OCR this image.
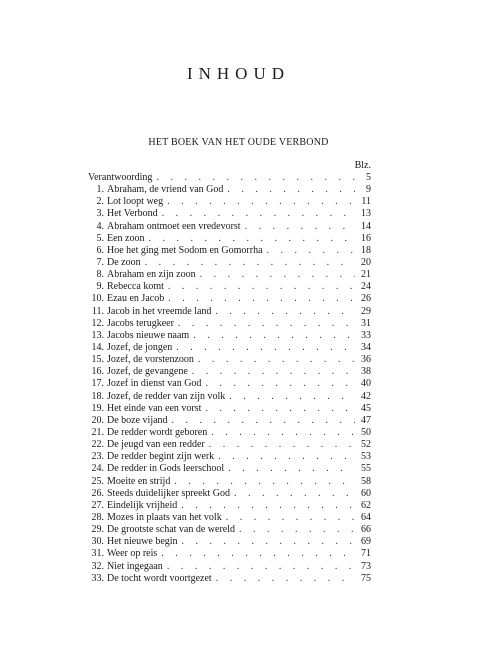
INHOUD
HET BOEK VAN HET OUDE VERBOND
Blz.
Verantwoording . . .	5
1. Abraham, de vriend van God . . .	9
2. Lot loopt weg . . .	11
3. Het Verbond . . .	13
4. Abraham ontmoet een vredevorst . . .	14
5. Een zoon . . .	16
6. Hoe het ging met Sodom en Gomorrha . . .	18
7. De zoon . . .	20
8. Abraham en zijn zoon . . .	21
9. Rebecca komt . . .	24
10. Ezau en Jacob . . .	26
11. Jacob in het vreemde land . . .	29
12. Jacobs terugkeer . . .	31
13. Jacobs nieuwe naam . . .	33
14. Jozef, de jongen . . .	34
15. Jozef, de vorstenzoon . . .	36
16. Jozef, de gevangene . . .	38
17. Jozef in dienst van God . . .	40
18. Jozef, de redder van zijn volk . . .	42
19. Het einde van een vorst . . .	45
20. De boze vijand . . .	47
21. De redder wordt geboren . . .	50
22. De jeugd van een redder . . .	52
23. De redder begint zijn werk . . .	53
24. De redder in Gods leerschool . . .	55
25. Moeite en strijd . . .	58
26. Steeds duidelijker spreekt God . . .	60
27. Eindelijk vrijheid . . .	62
28. Mozes in plaats van het volk . . .	64
29. De grootste schat van de wereld . . .	66
30. Het nieuwe begin . . .	69
31. Weer op reis . . .	71
32. Niet ingegaan . . .	73
33. De tocht wordt voortgezet . . .	75
